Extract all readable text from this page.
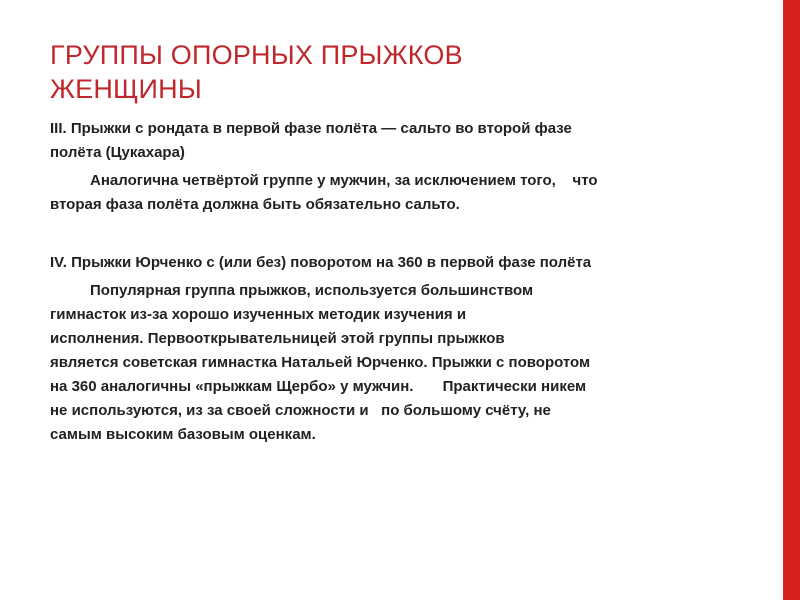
ГРУППЫ ОПОРНЫХ ПРЫЖКОВ
ЖЕНЩИНЫ

III. Прыжки с рондата в первой фазе полёта — сальто во второй фазе
полёта (Цукахара)

Аналогична четвёртой группе у мужчин, за исключением того,    что
вторая фаза полёта должна быть обязательно сальто.

IV. Прыжки Юрченко с (или без) поворотом на 360 в первой фазе полёта

Популярная группа прыжков, используется большинством
гимнасток из-за хорошо изученных методик изучения и
исполнения. Первооткрывательницей этой группы прыжков
является советская гимнастка Натальей Юрченко. Прыжки с поворотом
на 360 аналогичны «прыжкам Щербо» у мужчин.       Практически никем
не используются, из за своей сложности и   по большому счёту, не
самым высоким базовым оценкам.
